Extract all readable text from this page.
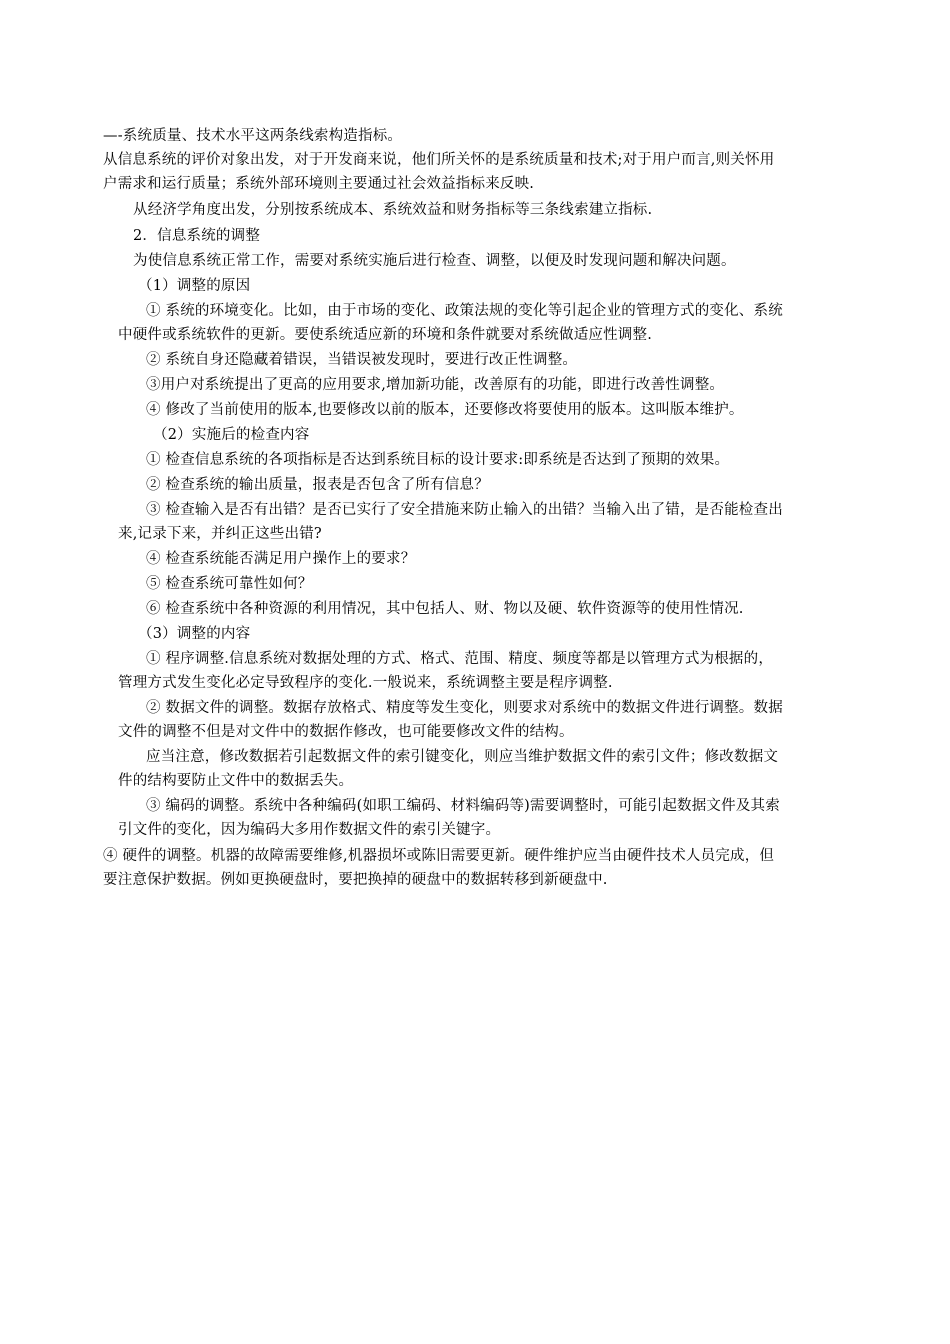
—-系统质量、技术水平这两条线索构造指标。
从信息系统的评价对象出发，对于开发商来说，他们所关怀的是系统质量和技术;对于用户而言,则关怀用
户需求和运行质量；系统外部环境则主要通过社会效益指标来反映.
从经济学角度出发，分别按系统成本、系统效益和财务指标等三条线索建立指标.
2．信息系统的调整
为使信息系统正常工作，需要对系统实施后进行检查、调整，以便及时发现问题和解决问题。
（1）调整的原因
① 系统的环境变化。比如，由于市场的变化、政策法规的变化等引起企业的管理方式的变化、系统
中硬件或系统软件的更新。要使系统适应新的环境和条件就要对系统做适应性调整.
② 系统自身还隐藏着错误，当错误被发现时，要进行改正性调整。
③用户对系统提出了更高的应用要求,增加新功能，改善原有的功能，即进行改善性调整。
④ 修改了当前使用的版本,也要修改以前的版本，还要修改将要使用的版本。这叫版本维护。
（2）实施后的检查内容
① 检查信息系统的各项指标是否达到系统目标的设计要求:即系统是否达到了预期的效果。
② 检查系统的输出质量，报表是否包含了所有信息？
③ 检查输入是否有出错？是否已实行了安全措施来防止输入的出错？当输入出了错，是否能检查出
来,记录下来，并纠正这些出错?
④ 检查系统能否满足用户操作上的要求？
⑤ 检查系统可靠性如何？
⑥ 检查系统中各种资源的利用情况，其中包括人、财、物以及硬、软件资源等的使用性情况.
（3）调整的内容
① 程序调整.信息系统对数据处理的方式、格式、范围、精度、频度等都是以管理方式为根据的，
管理方式发生变化必定导致程序的变化.一般说来，系统调整主要是程序调整.
② 数据文件的调整。数据存放格式、精度等发生变化，则要求对系统中的数据文件进行调整。数据
文件的调整不但是对文件中的数据作修改，也可能要修改文件的结构。
应当注意，修改数据若引起数据文件的索引键变化，则应当维护数据文件的索引文件；修改数据文
件的结构要防止文件中的数据丢失。
③ 编码的调整。系统中各种编码(如职工编码、材料编码等)需要调整时，可能引起数据文件及其索
引文件的变化，因为编码大多用作数据文件的索引关键字。
④ 硬件的调整。机器的故障需要维修,机器损坏或陈旧需要更新。硬件维护应当由硬件技术人员完成，但
要注意保护数据。例如更换硬盘时，要把换掉的硬盘中的数据转移到新硬盘中.
